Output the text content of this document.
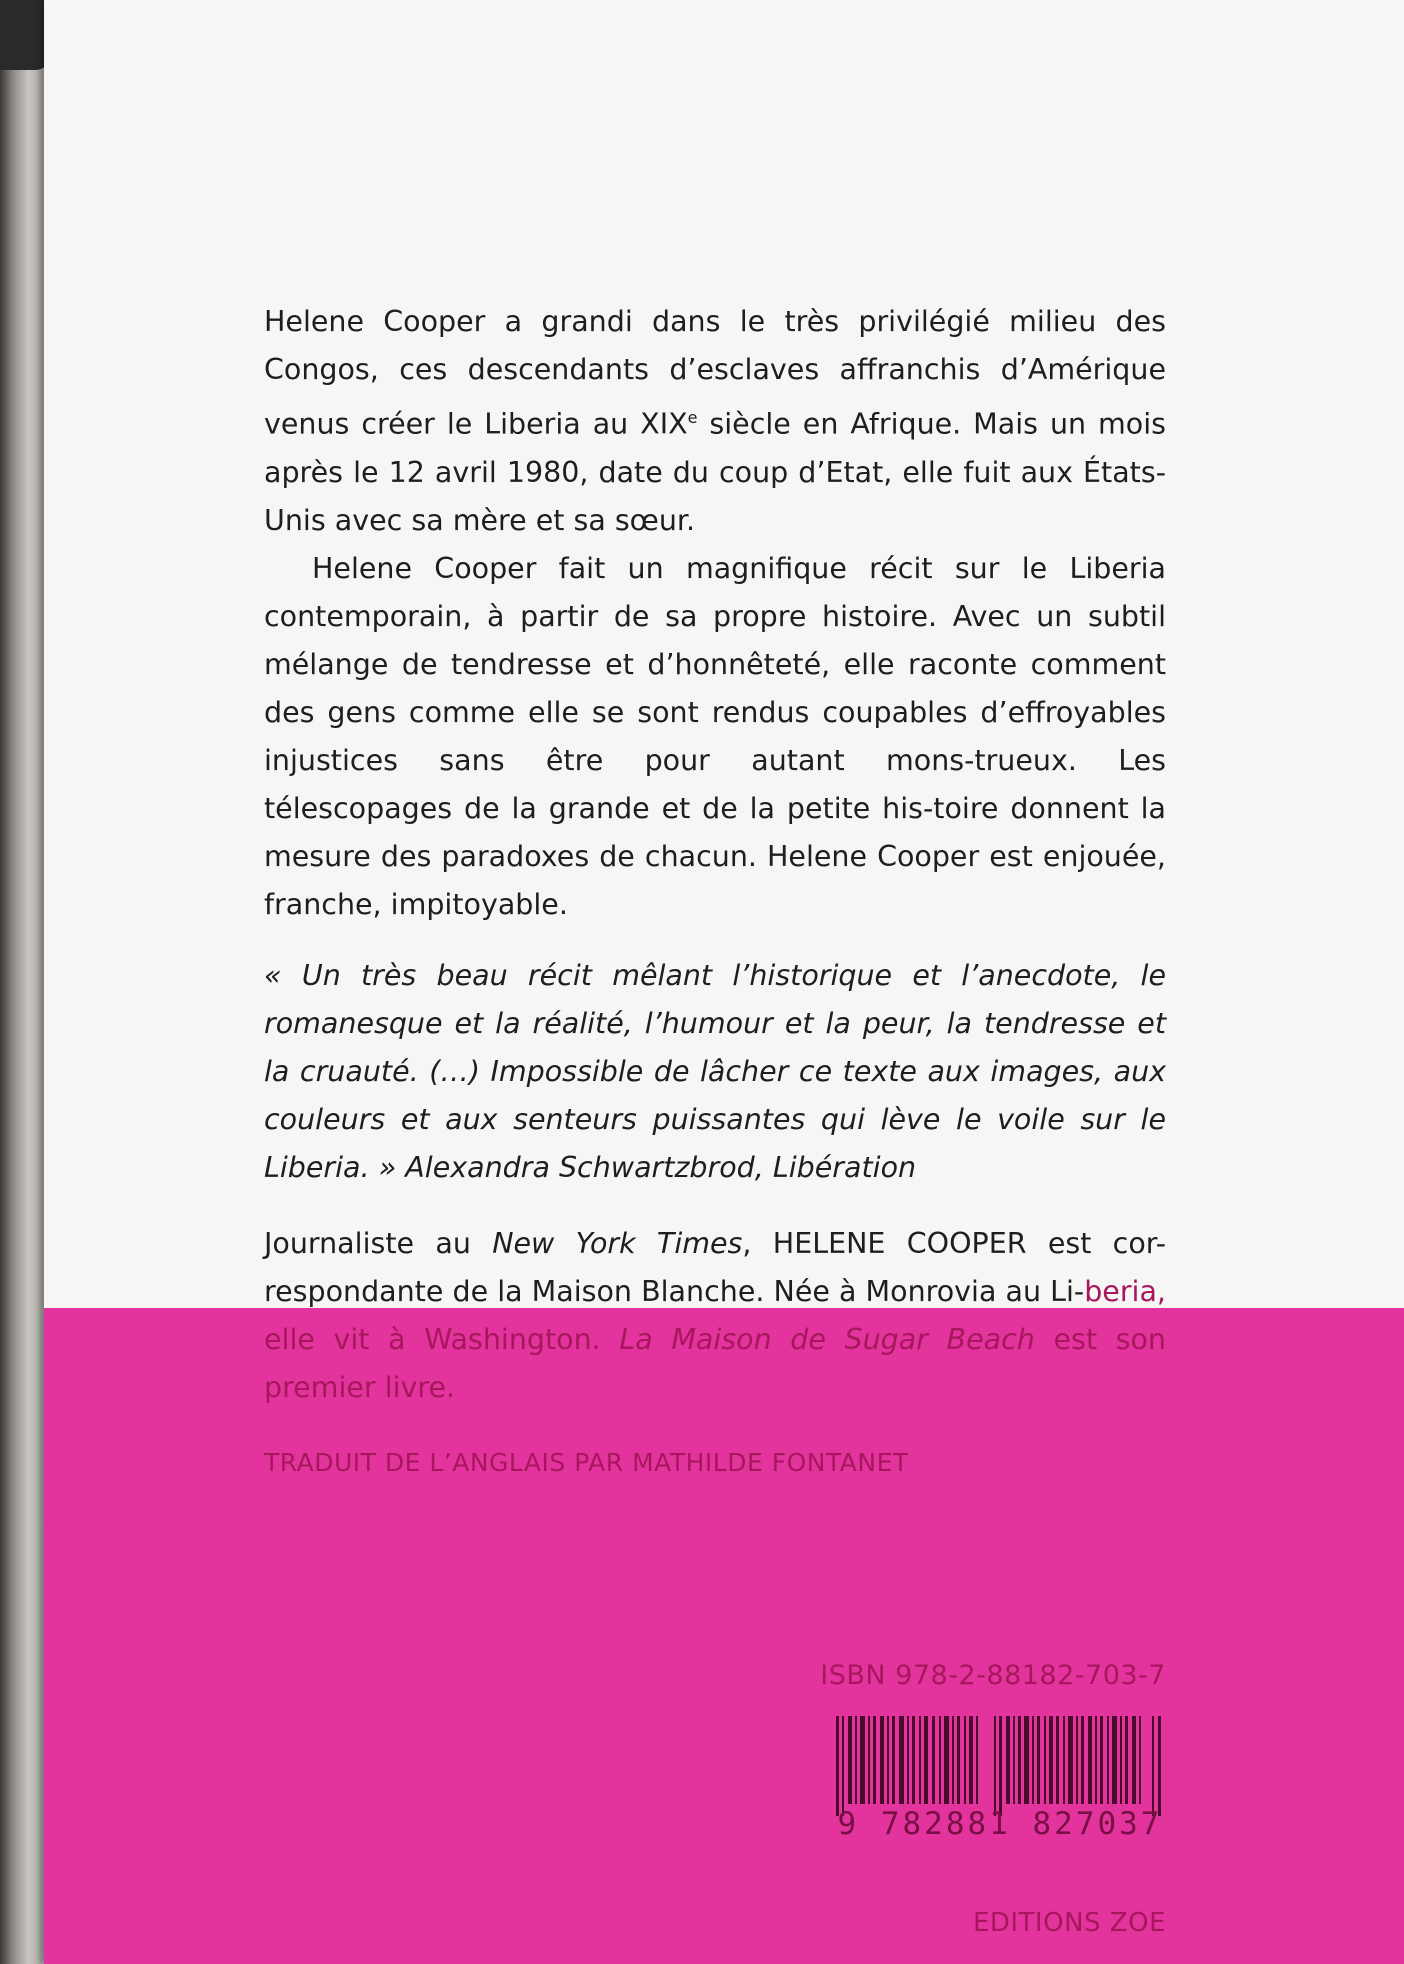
Helene Cooper a grandi dans le très privilégié milieu des Congos, ces descendants d’esclaves affranchis d’Amérique venus créer le Liberia au XIXe siècle en Afrique. Mais un mois après le 12 avril 1980, date du coup d’Etat, elle fuit aux États-Unis avec sa mère et sa sœur.

Helene Cooper fait un magnifique récit sur le Liberia contemporain, à partir de sa propre histoire. Avec un subtil mélange de tendresse et d’honnêteté, elle raconte comment des gens comme elle se sont rendus coupables d’effroyables injustices sans être pour autant mons-trueux. Les télescopages de la grande et de la petite his-toire donnent la mesure des paradoxes de chacun. Helene Cooper est enjouée, franche, impitoyable.

« Un très beau récit mêlant l’historique et l’anecdote, le romanesque et la réalité, l’humour et la peur, la tendresse et la cruauté. (…) Impossible de lâcher ce texte aux images, aux couleurs et aux senteurs puissantes qui lève le voile sur le Liberia. » Alexandra Schwartzbrod, Libération

Journaliste au New York Times, HELENE COOPER est cor-respondante de la Maison Blanche. Née à Monrovia au Li-beria, elle vit à Washington. La Maison de Sugar Beach est son premier livre.

TRADUIT DE L’ANGLAIS PAR MATHILDE FONTANET
ISBN 978-2-88182-703-7
9 782881 827037
EDITIONS ZOE
